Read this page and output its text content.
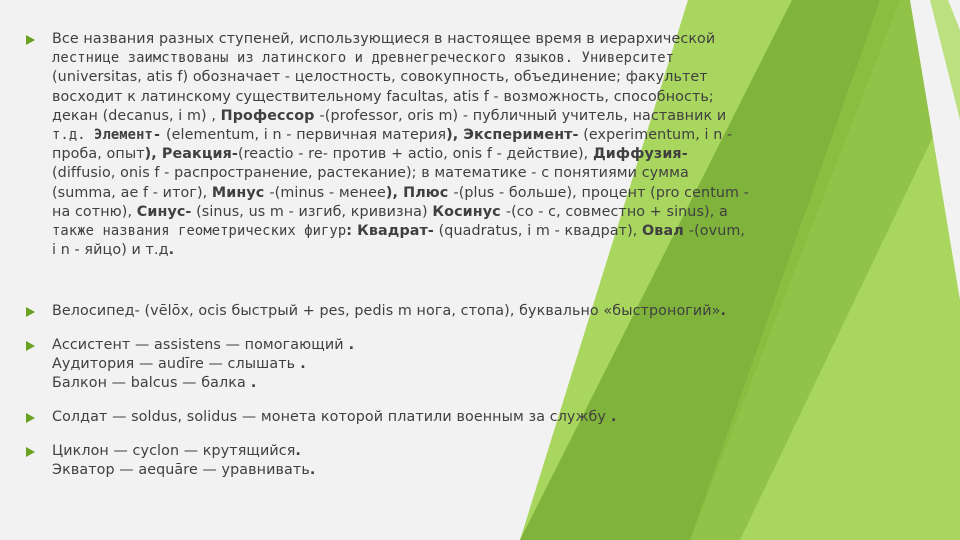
Все названия разных ступеней, использующиеся в настоящее время в иерархической
лестнице заимствованы из латинского и древнегреческого языков. Университет
(universitas, atis f) обозначает - целостность, совокупность, объединение; факультет
восходит к латинскому существительному facultas, atis f - возможность, способность;
декан (decanus, i m) , Профессор -(professor, oris m) - публичный учитель, наставник и
т.д. Элемент- (elementum, i n - первичная материя), Эксперимент- (experimentum, i n -
проба, опыт), Реакция-(reactio - re- против + actio, onis f - действие), Диффузия-
(diffusio, onis f - распространение, растекание); в математике - с понятиями сумма
(summa, ae f - итог), Минус -(minus - менее), Плюс -(plus - больше), процент (pro centum -
на сотню), Синус- (sinus, us m - изгиб, кривизна) Косинус -(co - с, совместно + sinus), а
также названия геометрических фигур: Квадрат- (quadratus, i m - квадрат), Овал -(ovum,
i n - яйцо) и т.д.
Велосипед- (vēlōx, ocis быстрый + pes, pedis m нога, стопа), буквально «быстроногий».
Ассистент — assistens — помогающий .
Аудитория — audīre — слышать .
Балкон — balcus — балка .
Солдат — soldus, solidus — монета которой платили военным за службу .
Циклон — cyclon — крутящийся.
Экватор — aequāre — уравнивать.
